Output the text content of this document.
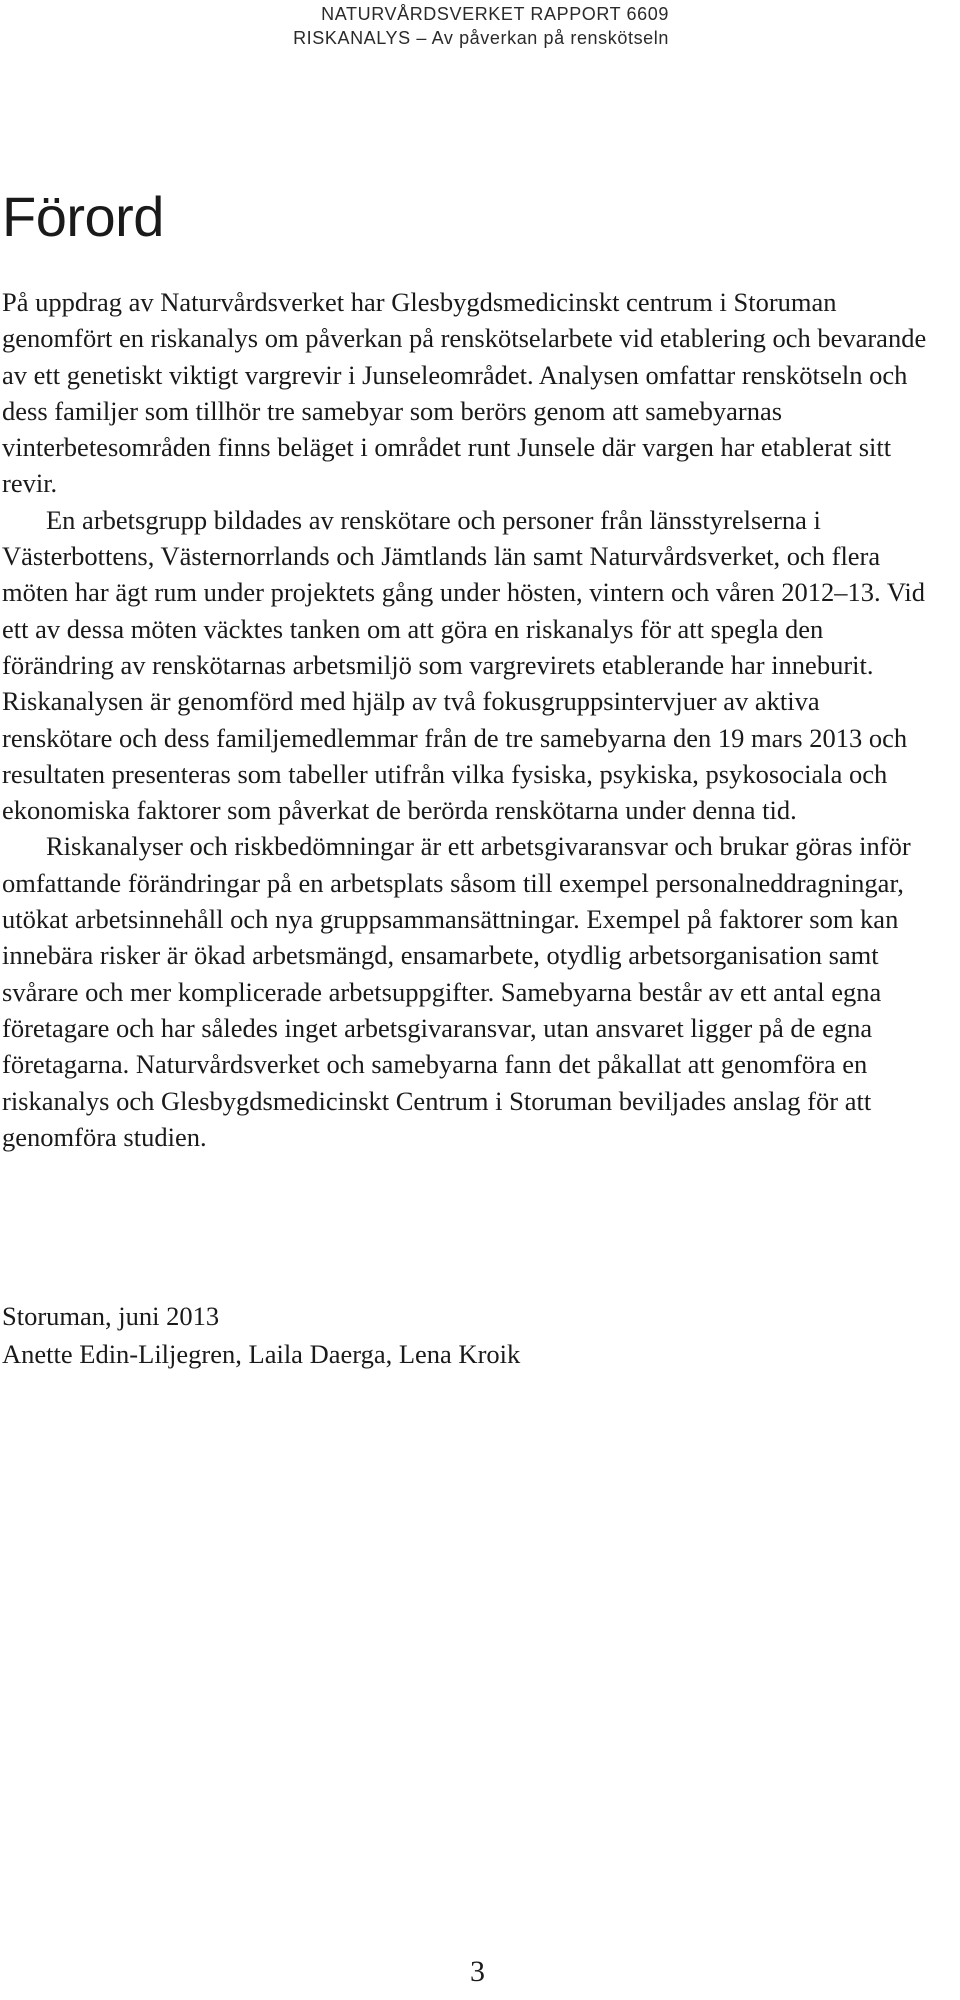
NATURVÅRDSVERKET RAPPORT 6609
RISKANALYS – Av påverkan på renskötseln
Förord

På uppdrag av Naturvårdsverket har Glesbygdsmedicinskt centrum i Storuman genomfört en riskanalys om påverkan på renskötselarbete vid etablering och bevarande av ett genetiskt viktigt vargrevir i Junseleområdet. Analysen omfattar renskötseln och dess familjer som tillhör tre samebyar som berörs genom att samebyarnas vinterbetesområden finns beläget i området runt Junsele där vargen har etablerat sitt revir.

En arbetsgrupp bildades av renskötare och personer från länsstyrelserna i Västerbottens, Västernorrlands och Jämtlands län samt Naturvårdsverket, och flera möten har ägt rum under projektets gång under hösten, vintern och våren 2012–13. Vid ett av dessa möten väcktes tanken om att göra en riskanalys för att spegla den förändring av renskötarnas arbetsmiljö som vargrevirets etablerande har inneburit. Riskanalysen är genomförd med hjälp av två fokusgruppsintervjuer av aktiva renskötare och dess familjemedlemmar från de tre samebyarna den 19 mars 2013 och resultaten presenteras som tabeller utifrån vilka fysiska, psykiska, psykosociala och ekonomiska faktorer som påverkat de berörda renskötarna under denna tid.

Riskanalyser och riskbedömningar är ett arbetsgivaransvar och brukar göras inför omfattande förändringar på en arbetsplats såsom till exempel personalneddragningar, utökat arbetsinnehåll och nya gruppsammansättningar. Exempel på faktorer som kan innebära risker är ökad arbetsmängd, ensamarbete, otydlig arbetsorganisation samt svårare och mer komplicerade arbetsuppgifter. Samebyarna består av ett antal egna företagare och har således inget arbetsgivaransvar, utan ansvaret ligger på de egna företagarna. Naturvårdsverket och samebyarna fann det påkallat att genomföra en riskanalys och Glesbygdsmedicinskt Centrum i Storuman beviljades anslag för att genomföra studien.

Storuman, juni 2013
Anette Edin-Liljegren, Laila Daerga, Lena Kroik
3
